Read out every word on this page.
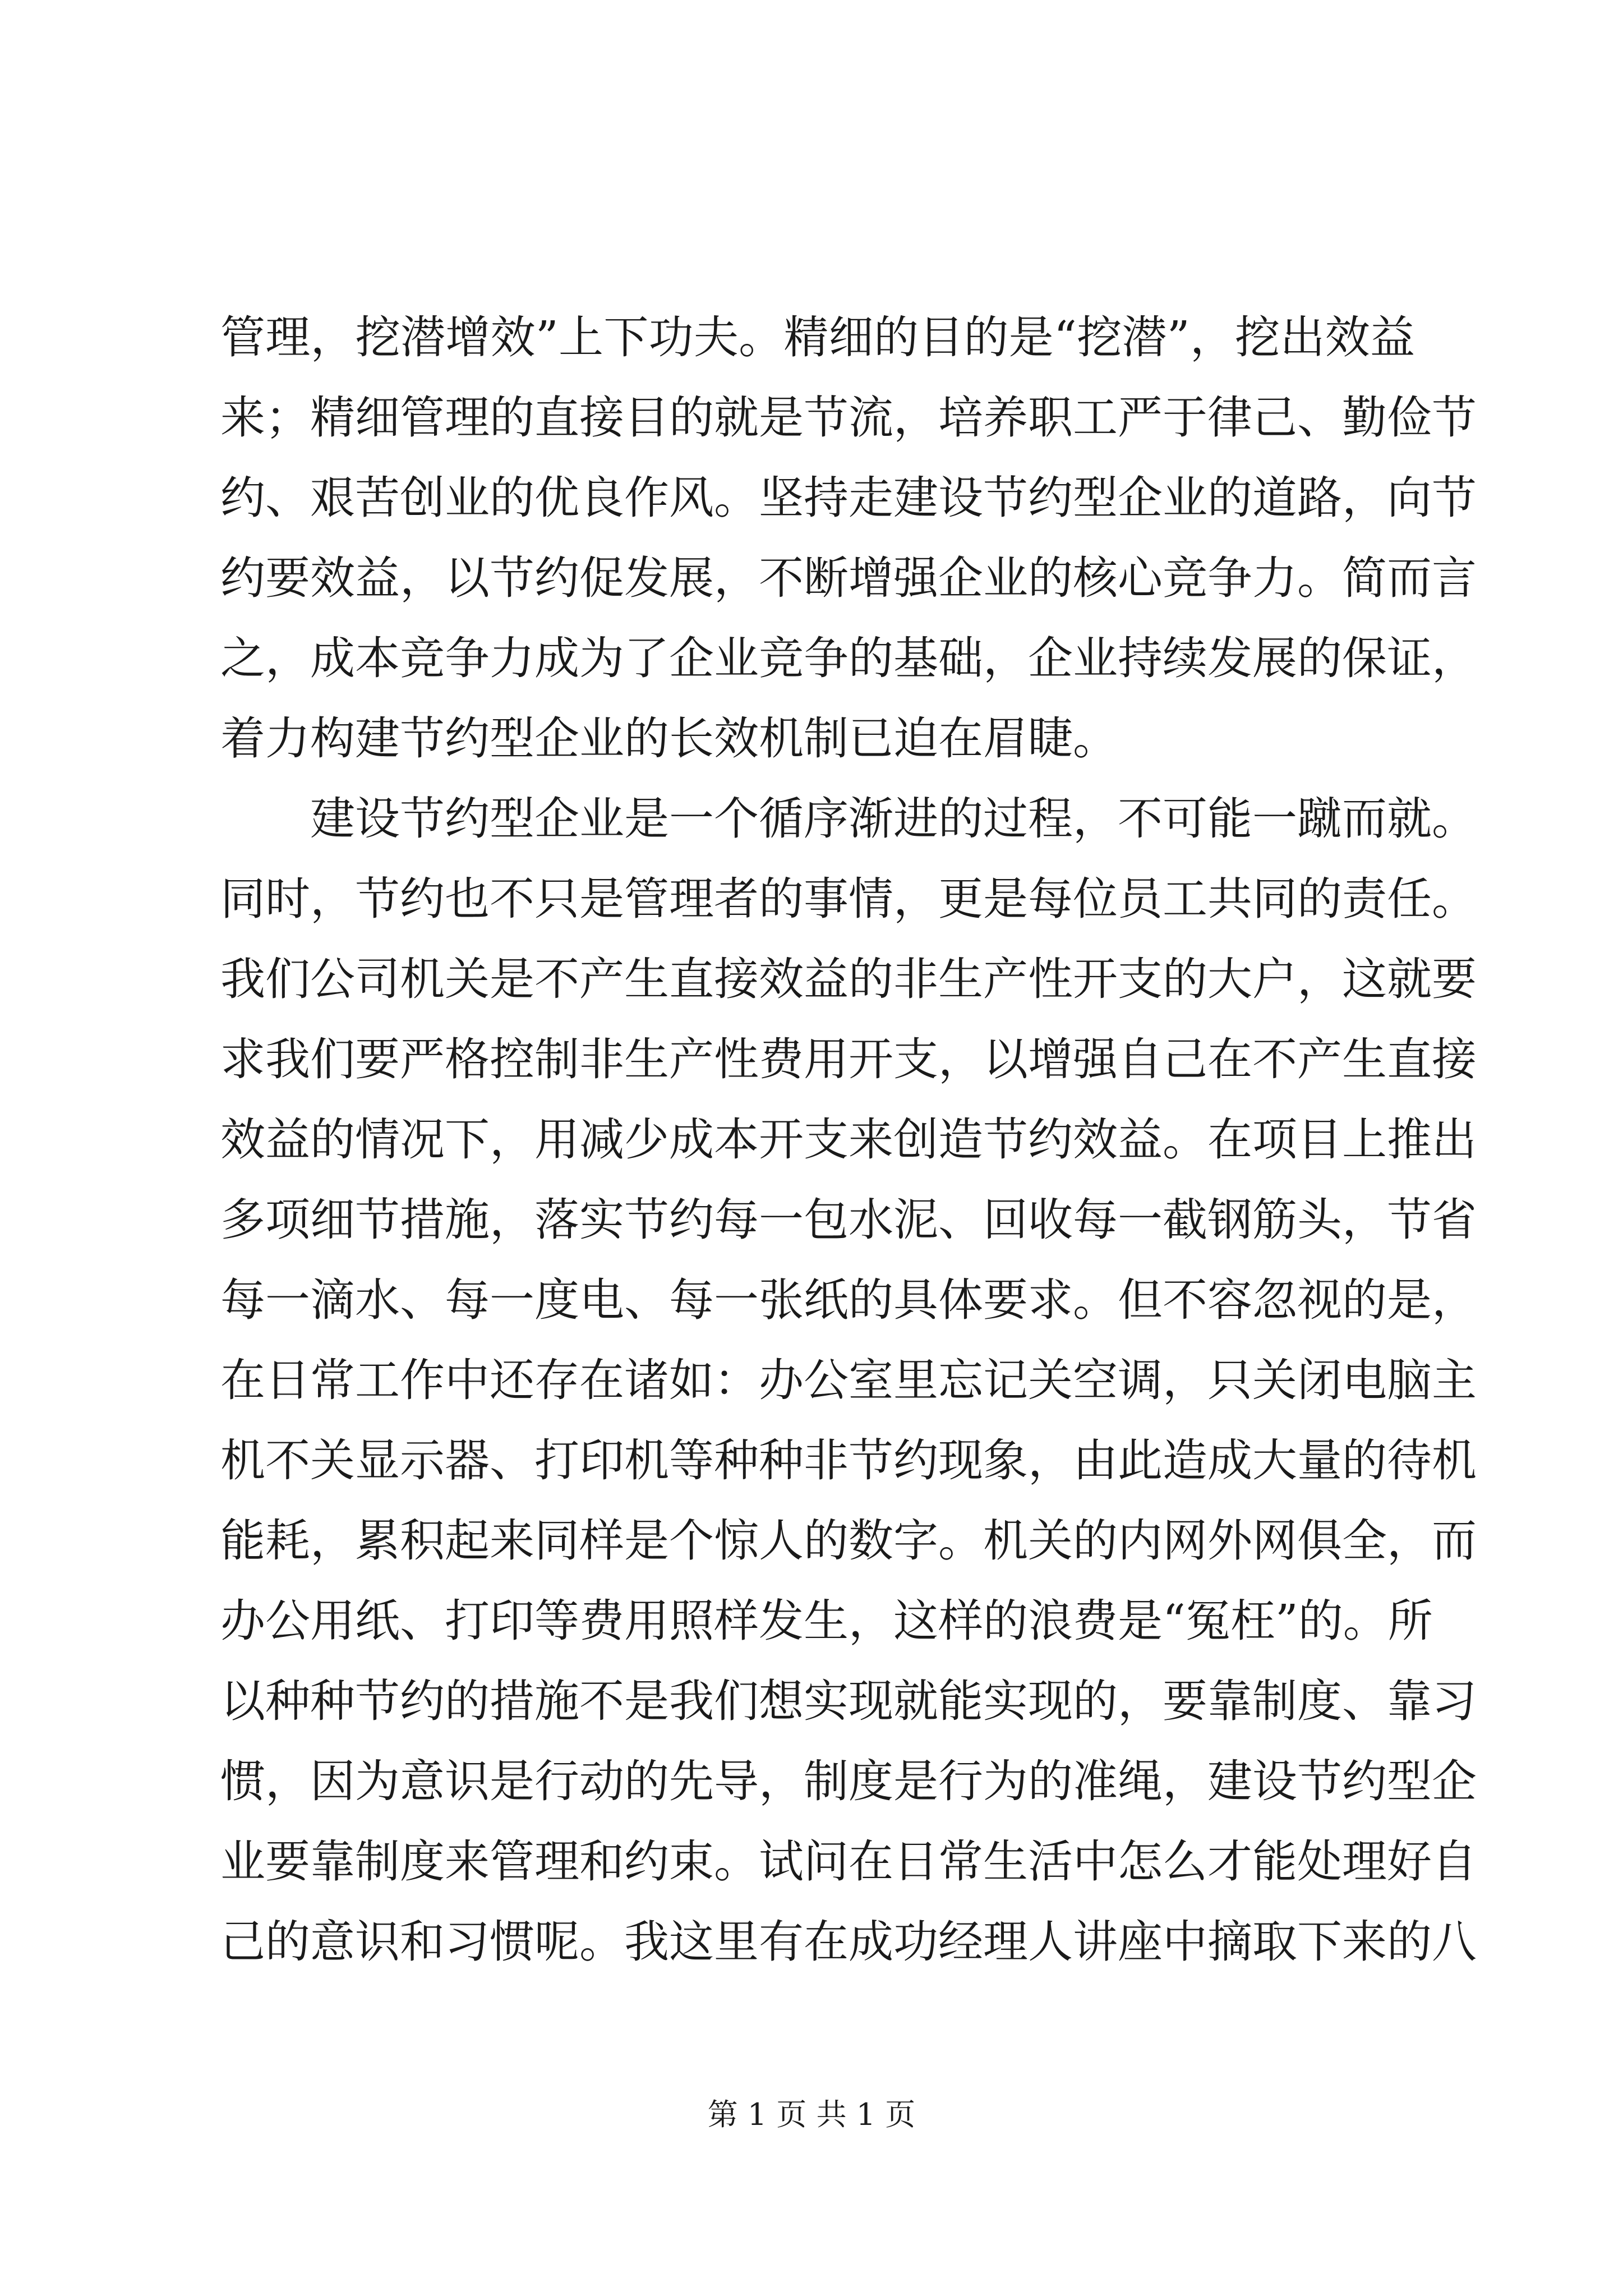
管理，挖潜增效”上下功夫。精细的目的是“挖潜”，挖出效益
来；精细管理的直接目的就是节流，培养职工严于律己、勤俭节
约、艰苦创业的优良作风。坚持走建设节约型企业的道路，向节
约要效益，以节约促发展，不断增强企业的核心竞争力。简而言
之，成本竞争力成为了企业竞争的基础，企业持续发展的保证，
着力构建节约型企业的长效机制已迫在眉睫。
建设节约型企业是一个循序渐进的过程，不可能一蹴而就。
同时，节约也不只是管理者的事情，更是每位员工共同的责任。
我们公司机关是不产生直接效益的非生产性开支的大户，这就要
求我们要严格控制非生产性费用开支，以增强自己在不产生直接
效益的情况下，用减少成本开支来创造节约效益。在项目上推出
多项细节措施，落实节约每一包水泥、回收每一截钢筋头，节省
每一滴水、每一度电、每一张纸的具体要求。但不容忽视的是，
在日常工作中还存在诸如：办公室里忘记关空调，只关闭电脑主
机不关显示器、打印机等种种非节约现象，由此造成大量的待机
能耗，累积起来同样是个惊人的数字。机关的内网外网俱全，而
办公用纸、打印等费用照样发生，这样的浪费是“冤枉”的。所
以种种节约的措施不是我们想实现就能实现的，要靠制度、靠习
惯，因为意识是行动的先导，制度是行为的准绳，建设节约型企
业要靠制度来管理和约束。试问在日常生活中怎么才能处理好自
己的意识和习惯呢。我这里有在成功经理人讲座中摘取下来的八
第 1 页 共 1 页
